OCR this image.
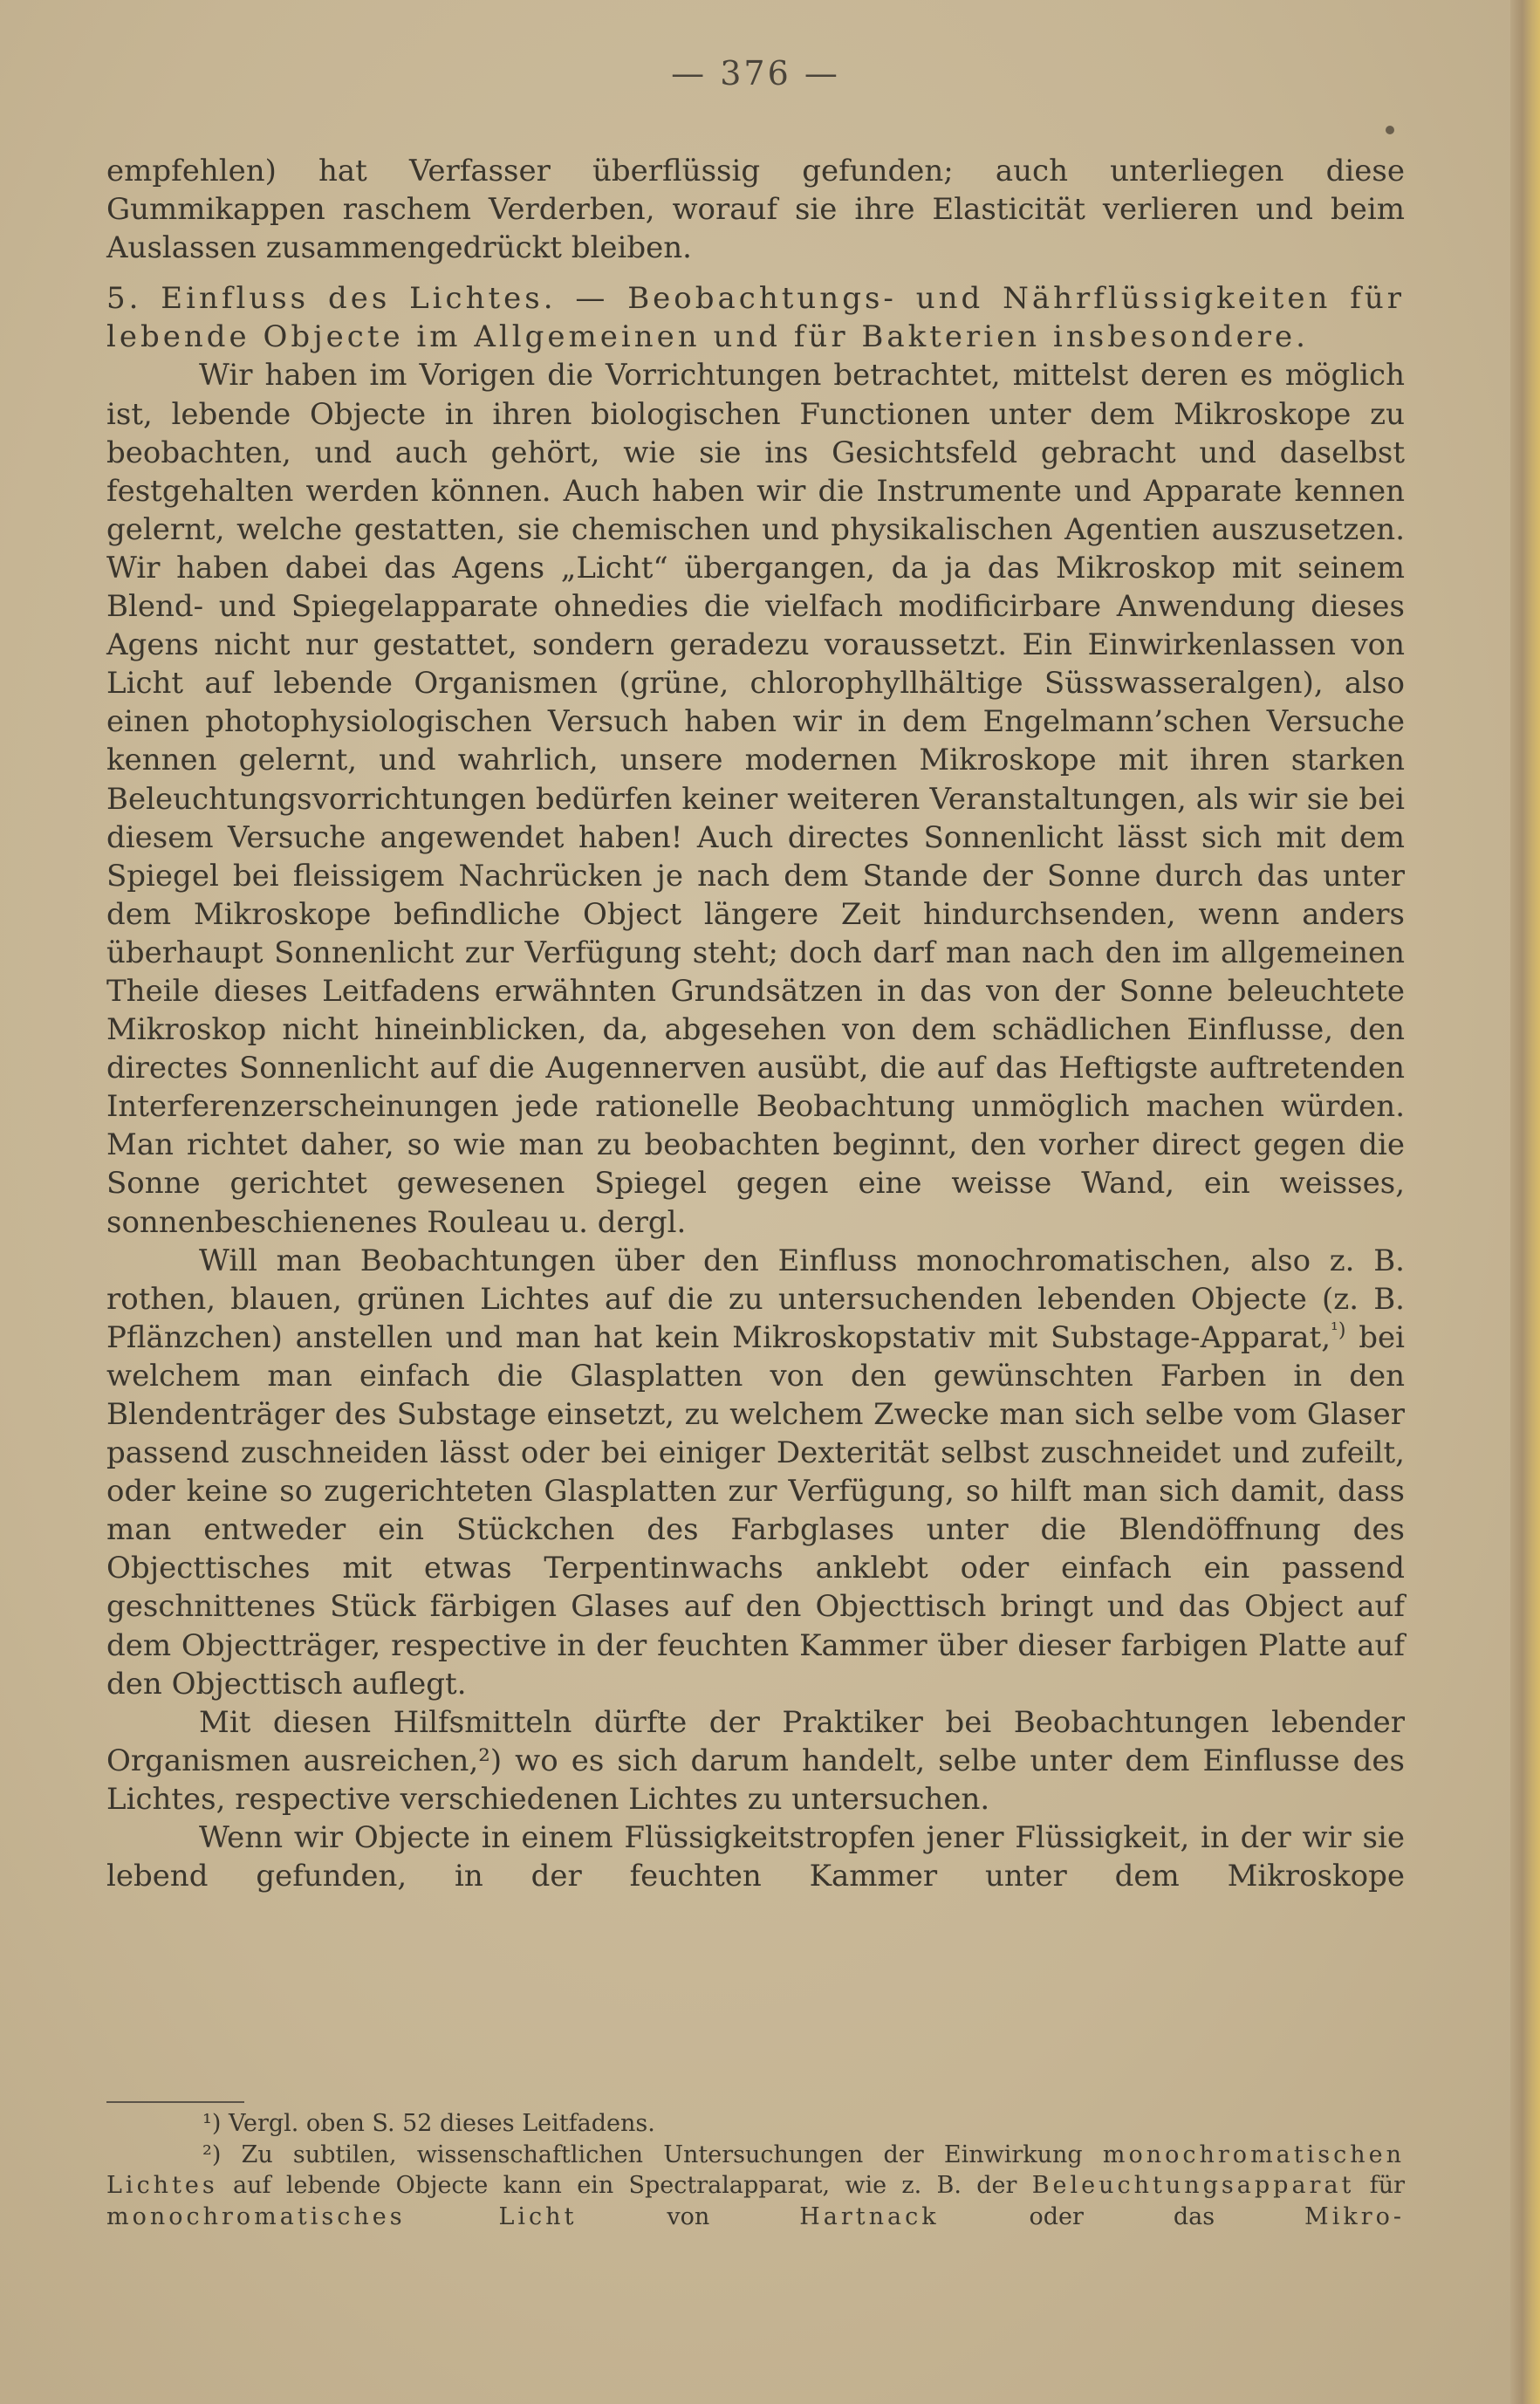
— 376 —

empfehlen) hat Verfasser überflüssig gefunden; auch unterliegen diese Gummikappen raschem Verderben, worauf sie ihre Elasticität verlieren und beim Auslassen zusammengedrückt bleiben.

5. Einfluss des Lichtes. — Beobachtungs- und Nährflüssigkeiten für lebende Objecte im Allgemeinen und für Bakterien insbesondere.

Wir haben im Vorigen die Vorrichtungen betrachtet, mittelst deren es möglich ist, lebende Objecte in ihren biologischen Functionen unter dem Mikroskope zu beobachten, und auch gehört, wie sie ins Gesichtsfeld gebracht und daselbst festgehalten werden können. Auch haben wir die Instrumente und Apparate kennen gelernt, welche gestatten, sie chemischen und physikalischen Agentien auszusetzen. Wir haben dabei das Agens „Licht“ übergangen, da ja das Mikroskop mit seinem Blend- und Spiegelapparate ohnedies die vielfach modificirbare Anwendung dieses Agens nicht nur gestattet, sondern geradezu voraussetzt. Ein Einwirkenlassen von Licht auf lebende Organismen (grüne, chlorophyllhältige Süsswasseralgen), also einen photophysiologischen Versuch haben wir in dem Engelmann’schen Versuche kennen gelernt, und wahrlich, unsere modernen Mikroskope mit ihren starken Beleuchtungsvorrichtungen bedürfen keiner weiteren Veranstaltungen, als wir sie bei diesem Versuche angewendet haben! Auch directes Sonnenlicht lässt sich mit dem Spiegel bei fleissigem Nachrücken je nach dem Stande der Sonne durch das unter dem Mikroskope befindliche Object längere Zeit hindurchsenden, wenn anders überhaupt Sonnenlicht zur Verfügung steht; doch darf man nach den im allgemeinen Theile dieses Leitfadens erwähnten Grundsätzen in das von der Sonne beleuchtete Mikroskop nicht hineinblicken, da, abgesehen von dem schädlichen Einflusse, den directes Sonnenlicht auf die Augennerven ausübt, die auf das Heftigste auftretenden Interferenzerscheinungen jede rationelle Beobachtung unmöglich machen würden. Man richtet daher, so wie man zu beobachten beginnt, den vorher direct gegen die Sonne gerichtet gewesenen Spiegel gegen eine weisse Wand, ein weisses, sonnenbeschienenes Rouleau u. dergl.

Will man Beobachtungen über den Einfluss monochromatischen, also z. B. rothen, blauen, grünen Lichtes auf die zu untersuchenden lebenden Objecte (z. B. Pflänzchen) anstellen und man hat kein Mikroskopstativ mit Substage-Apparat,$^{^1)}$ bei welchem man einfach die Glasplatten von den gewünschten Farben in den Blendenträger des Substage einsetzt, zu welchem Zwecke man sich selbe vom Glaser passend zuschneiden lässt oder bei einiger Dexterität selbst zuschneidet und zufeilt, oder keine so zugerichteten Glasplatten zur Verfügung, so hilft man sich damit, dass man entweder ein Stückchen des Farbglases unter die Blendöffnung des Objecttisches mit etwas Terpentinwachs anklebt oder einfach ein passend geschnittenes Stück färbigen Glases auf den Objecttisch bringt und das Object auf dem Objectträger, respective in der feuchten Kammer über dieser farbigen Platte auf den Objecttisch auflegt.

Mit diesen Hilfsmitteln dürfte der Praktiker bei Beobachtungen lebender Organismen ausreichen,²) wo es sich darum handelt, selbe unter dem Einflusse des Lichtes, respective verschiedenen Lichtes zu untersuchen.

Wenn wir Objecte in einem Flüssigkeitstropfen jener Flüssigkeit, in der wir sie lebend gefunden, in der feuchten Kammer unter dem Mikroskope

¹) Vergl. oben S. 52 dieses Leitfadens.

²) Zu subtilen, wissenschaftlichen Untersuchungen der Einwirkung monochromatischen Lichtes auf lebende Objecte kann ein Spectralapparat, wie z. B. der Beleuchtungsapparat für monochromatisches Licht von Hartnack oder das Mikro-
